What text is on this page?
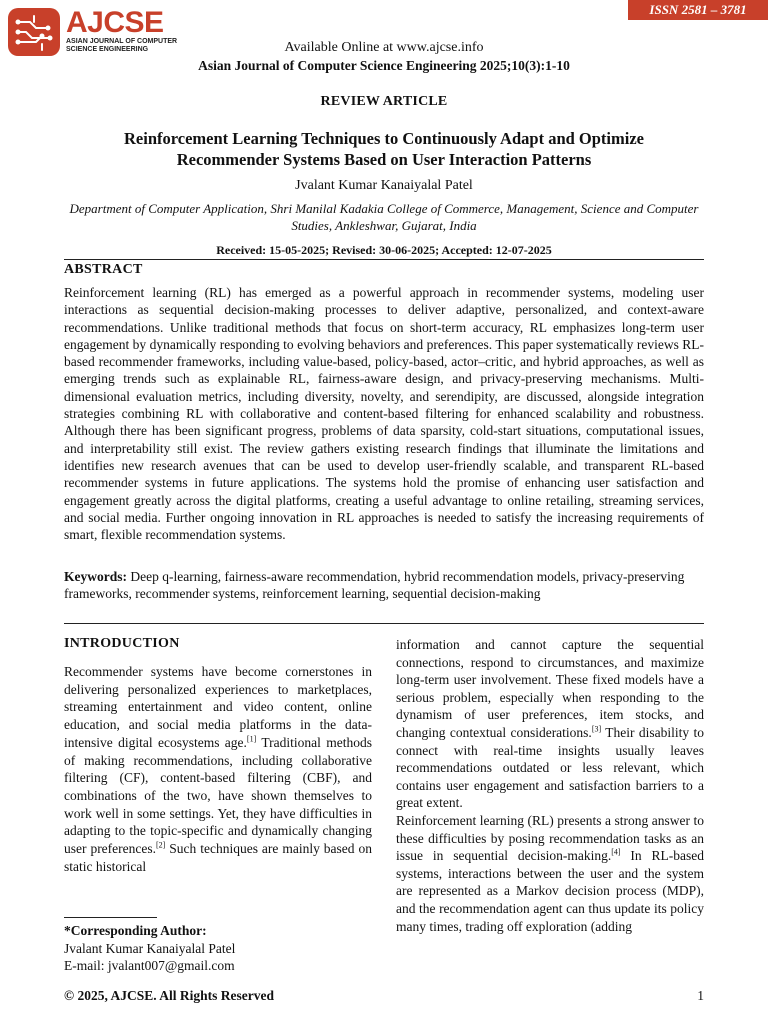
ISSN 2581 – 3781
AJCSE
ASIAN JOURNAL OF COMPUTER
SCIENCE ENGINEERING	Available Online at www.ajcse.info
Asian Journal of Computer Science Engineering 2025;10(3):1-10
REVIEW ARTICLE
Reinforcement Learning Techniques to Continuously Adapt and Optimize Recommender Systems Based on User Interaction Patterns
Jvalant Kumar Kanaiyalal Patel
Department of Computer Application, Shri Manilal Kadakia College of Commerce, Management, Science and Computer Studies, Ankleshwar, Gujarat, India
Received: 15-05-2025; Revised: 30-06-2025; Accepted: 12-07-2025
ABSTRACT
Reinforcement learning (RL) has emerged as a powerful approach in recommender systems, modeling user interactions as sequential decision-making processes to deliver adaptive, personalized, and context-aware recommendations. Unlike traditional methods that focus on short-term accuracy, RL emphasizes long-term user engagement by dynamically responding to evolving behaviors and preferences. This paper systematically reviews RL-based recommender frameworks, including value-based, policy-based, actor–critic, and hybrid approaches, as well as emerging trends such as explainable RL, fairness-aware design, and privacy-preserving mechanisms. Multi-dimensional evaluation metrics, including diversity, novelty, and serendipity, are discussed, alongside integration strategies combining RL with collaborative and content-based filtering for enhanced scalability and robustness. Although there has been significant progress, problems of data sparsity, cold-start situations, computational issues, and interpretability still exist. The review gathers existing research findings that illuminate the limitations and identifies new research avenues that can be used to develop user-friendly scalable, and transparent RL-based recommender systems in future applications. The systems hold the promise of enhancing user satisfaction and engagement greatly across the digital platforms, creating a useful advantage to online retailing, streaming services, and social media. Further ongoing innovation in RL approaches is needed to satisfy the increasing requirements of smart, flexible recommendation systems.
Keywords: Deep q-learning, fairness-aware recommendation, hybrid recommendation models, privacy-preserving frameworks, recommender systems, reinforcement learning, sequential decision-making
INTRODUCTION

Recommender systems have become cornerstones in delivering personalized experiences to marketplaces, streaming entertainment and video content, online education, and social media platforms in the data-intensive digital ecosystems age.[1] Traditional methods of making recommendations, including collaborative filtering (CF), content-based filtering (CBF), and combinations of the two, have shown themselves to work well in some settings. Yet, they have difficulties in adapting to the topic-specific and dynamically changing user preferences.[2] Such techniques are mainly based on static historical

information and cannot capture the sequential connections, respond to circumstances, and maximize long-term user involvement. These fixed models have a serious problem, especially when responding to the dynamism of user preferences, item stocks, and changing contextual considerations.[3] Their disability to connect with real-time insights usually leaves recommendations outdated or less relevant, which contains user engagement and satisfaction barriers to a great extent.

Reinforcement learning (RL) presents a strong answer to these difficulties by posing recommendation tasks as an issue in sequential decision-making.[4] In RL-based systems, interactions between the user and the system are represented as a Markov decision process (MDP), and the recommendation agent can thus update its policy many times, trading off exploration (adding

*Corresponding Author:
Jvalant Kumar Kanaiyalal Patel
E-mail: jvalant007@gmail.com
© 2025, AJCSE. All Rights Reserved	1
